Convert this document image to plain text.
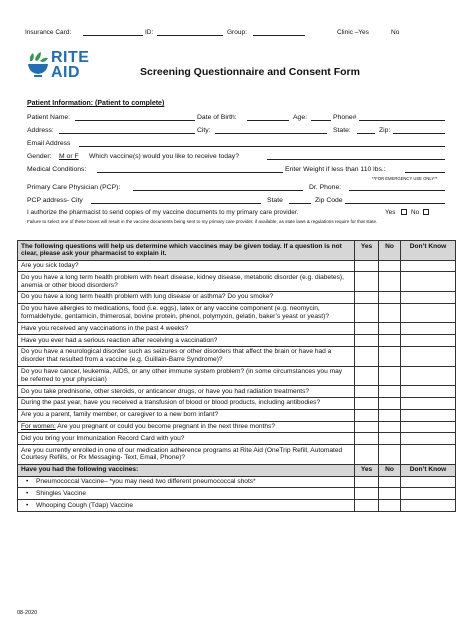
Insurance Card:	ID:	Group:	Clinic –Yes	No
RITE
AID	Screening Questionnaire and Consent Form
Patient Information: (Patient to complete)
Patient Name:	Date of Birth:	Age:	Phone#
Address:	City:	State:	Zip:
Email Address
Gender: M or F Which vaccine(s) would you like to receive today?
Medical Conditions:	Enter Weight if less than 110 lbs.:
**FOR EMERGENCY USE ONLY**
Primary Care Physician (PCP):	Dr. Phone:
PCP address- City	State	Zip Code
I authorize the pharmacist to send copies of my vaccine documents to my primary care provider.	Yes No
Failure to select one of these boxes will result in the vaccine documents being sent to my primary care provider, if available, as state laws & regulations require for that state.
The following questions will help us determine which vaccines may be given today. If a question is not clear, please ask your pharmacist to explain it.	Yes	No	Don’t Know
Are you sick today?			
Do you have a long term health problem with heart disease, kidney disease, metabolic disorder (e.g. diabetes), anemia or other blood disorders?			
Do you have a long term health problem with lung disease or asthma? Do you smoke?			
Do you have allergies to medications, food (i.e. eggs), latex or any vaccine component (e.g. neomycin, formaldehyde, gentamicin, thimerosal, bovine protein, phenol, polymyxin, gelatin, baker’s yeast or yeast)?			
Have you received any vaccinations in the past 4 weeks?			
Have you ever had a serious reaction after receiving a vaccination?			
Do you have a neurological disorder such as seizures or other disorders that affect the brain or have had a disorder that resulted from a vaccine (e.g. Guillain-Barre Syndrome)?			
Do you have cancer, leukemia, AIDS, or any other immune system problem? (in some circumstances you may be referred to your physician)			
Do you take prednisone, other steroids, or anticancer drugs, or have you had radiation treatments?			
During the past year, have you received a transfusion of blood or blood products, including antibodies?			
Are you a parent, family member, or caregiver to a new born infant?			
For women: Are you pregnant or could you become pregnant in the next three months?			
Did you bring your Immunization Record Card with you?			
Are you currently enrolled in one of our medication adherence programs at Rite Aid (OneTrip Refill, Automated Courtesy Refills, or Rx Messaging- Text, Email, Phone)?			
Have you had the following vaccines:	Yes	No	Don’t Know
• Pneumococcal Vaccine– *you may need two different pneumococcal shots*			
• Shingles Vaccine			
• Whooping Cough (Tdap) Vaccine			
08-2020
